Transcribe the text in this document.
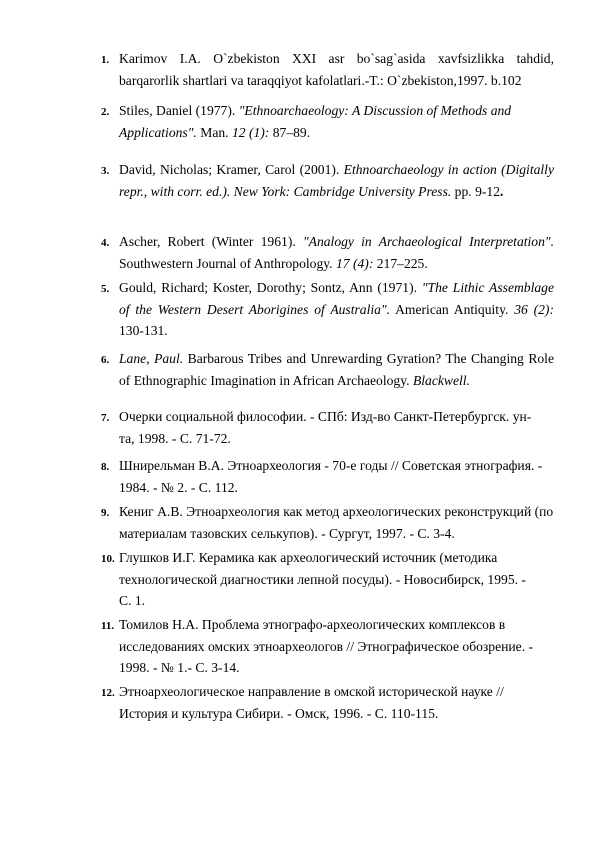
1. Karimov I.A. O`zbekiston XXI asr bo`sag`asida xavfsizlikka tahdid, barqarorlik shartlari va taraqqiyot kafolatlari.-T.: O`zbekiston,1997. b.102
2. Stiles, Daniel (1977). "Ethnoarchaeology: A Discussion of Methods and Applications". Man. 12 (1): 87–89.
3. David, Nicholas; Kramer, Carol (2001). Ethnoarchaeology in action (Digitally repr., with corr. ed.). New York: Cambridge University Press. pp. 9-12.
4. Ascher, Robert (Winter 1961). "Analogy in Archaeological Interpretation". Southwestern Journal of Anthropology. 17 (4): 217–225.
5. Gould, Richard; Koster, Dorothy; Sontz, Ann (1971). "The Lithic Assemblage of the Western Desert Aborigines of Australia". American Antiquity. 36 (2): 130-131.
6. Lane, Paul. Barbarous Tribes and Unrewarding Gyration? The Changing Role of Ethnographic Imagination in African Archaeology. Blackwell.
7. Очерки социальной философии. - СПб: Изд-во Санкт-Петербургск. ун-та, 1998. - С. 71-72.
8. Шнирельман В.А. Этноархеология - 70-е годы // Советская этнография. - 1984. - № 2. - С. 112.
9. Кениг А.В. Этноархеология как метод археологических реконструкций (по материалам тазовских селькупов). - Сургут, 1997. - С. 3-4.
10. Глушков И.Г. Керамика как археологический источник (методика технологической диагностики лепной посуды). - Новосибирск, 1995. - С. 1.
11. Томилов Н.А. Проблема этнографо-археологических комплексов в исследованиях омских этноархеологов // Этнографическое обозрение. - 1998. - № 1.- С. 3-14.
12. Этноархеологическое направление в омской исторической науке // История и культура Сибири. - Омск, 1996. - С. 110-115.
